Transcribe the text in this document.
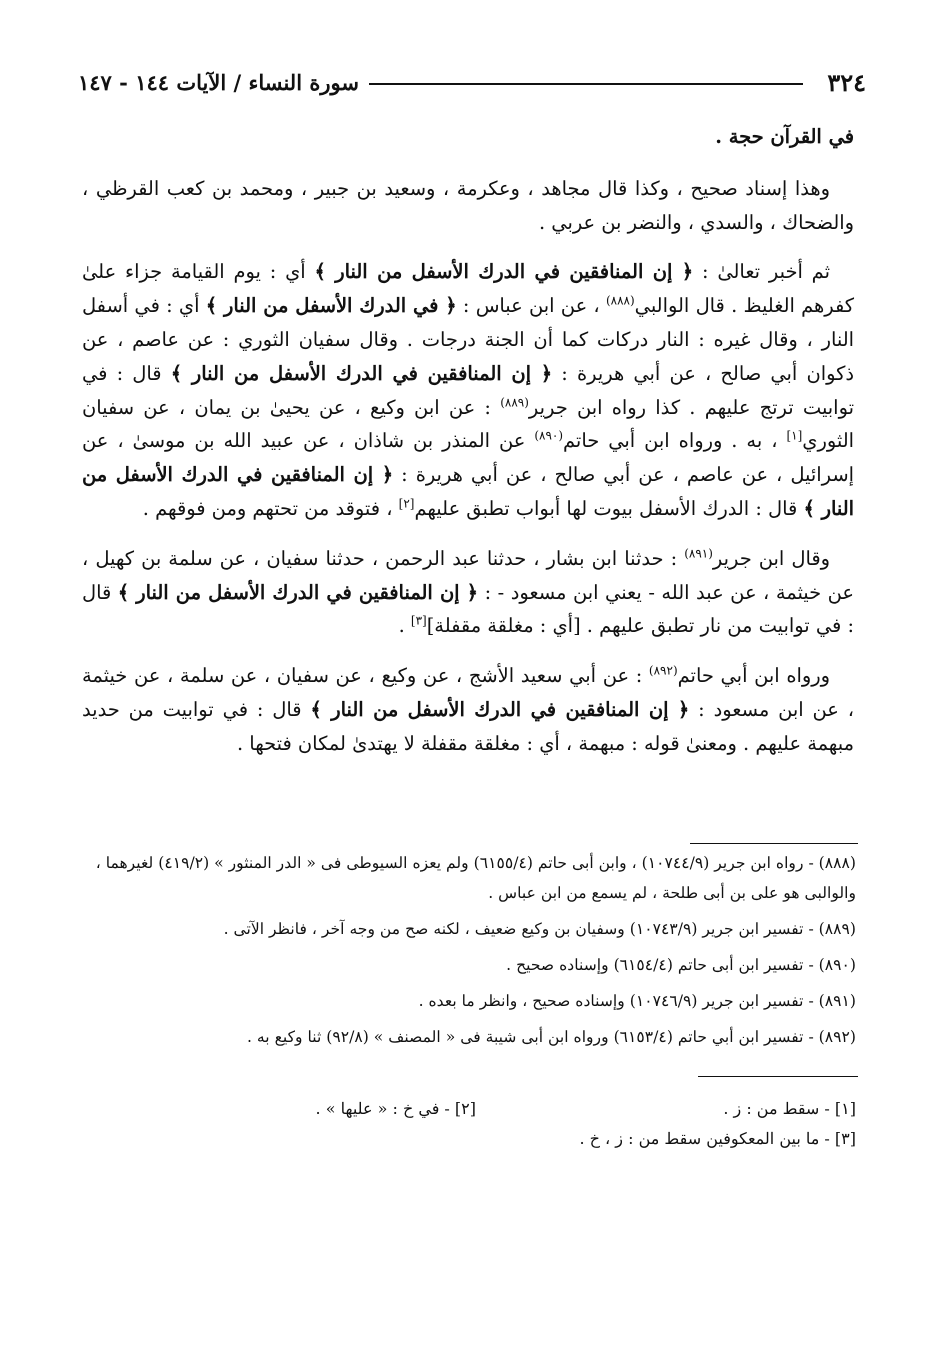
٣٢٤
سورة النساء / الآيات ١٤٤ - ١٤٧

في القرآن حجة .

وهذا إسناد صحيح ، وكذا قال مجاهد ، وعكرمة ، وسعيد بن جبير ، ومحمد بن كعب القرظي ، والضحاك ، والسدي ، والنضر بن عربي .

ثم أخبر تعالىٰ : ﴿ إن المنافقين في الدرك الأسفل من النار ﴾ أي : يوم القيامة جزاء علىٰ كفرهم الغليظ . قال الوالبي$^{(٨٨٨)}$ ، عن ابن عباس : ﴿ في الدرك الأسفل من النار ﴾ أي : في أسفل النار ، وقال غيره : النار دركات كما أن الجنة درجات . وقال سفيان الثوري : عن عاصم ، عن ذكوان أبي صالح ، عن أبي هريرة : ﴿ إن المنافقين في الدرك الأسفل من النار ﴾ قال : في توابيت ترتج عليهم . كذا رواه ابن جرير$^{(٨٨٩)}$ : عن ابن وكيع ، عن يحيىٰ بن يمان ، عن سفيان الثوري[١] ، به . ورواه ابن أبي حاتم$^{(٨٩٠)}$ عن المنذر بن شاذان ، عن عبيد الله بن موسىٰ ، عن إسرائيل ، عن عاصم ، عن أبي صالح ، عن أبي هريرة : ﴿ إن المنافقين في الدرك الأسفل من النار ﴾ قال : الدرك الأسفل بيوت لها أبواب تطبق عليهم[٢] ، فتوقد من تحتهم ومن فوقهم .

وقال ابن جرير$^{(٨٩١)}$ : حدثنا ابن بشار ، حدثنا عبد الرحمن ، حدثنا سفيان ، عن سلمة بن كهيل ، عن خيثمة ، عن عبد الله - يعني ابن مسعود - : ﴿ إن المنافقين في الدرك الأسفل من النار ﴾ قال : في توابيت من نار تطبق عليهم . [أي : مغلقة مقفلة][٣] .

ورواه ابن أبي حاتم$^{(٨٩٢)}$ : عن أبي سعيد الأشج ، عن وكيع ، عن سفيان ، عن سلمة ، عن خيثمة ، عن ابن مسعود : ﴿ إن المنافقين في الدرك الأسفل من النار ﴾ قال : في توابيت من حديد مبهمة عليهم . ومعنىٰ قوله : مبهمة ، أي : مغلقة مقفلة لا يهتدىٰ لمكان فتحها .

(٨٨٨) - رواه ابن جرير (١٠٧٤٤/٩) ، وابن أبى حاتم (٦١٥٥/٤) ولم يعزه السيوطى فى « الدر المنثور » (٤١٩/٢) لغيرهما ، والوالبى هو على بن أبى طلحة ، لم يسمع من ابن عباس .
(٨٨٩) - تفسير ابن جرير (١٠٧٤٣/٩) وسفيان بن وكيع ضعيف ، لكنه صح من وجه آخر ، فانظر الآتى .
(٨٩٠) - تفسير ابن أبى حاتم (٦١٥٤/٤) وإسناده صحيح .
(٨٩١) - تفسير ابن جرير (١٠٧٤٦/٩) وإسناده صحيح ، وانظر ما بعده .
(٨٩٢) - تفسير ابن أبي حاتم (٦١٥٣/٤) ورواه ابن أبى شيبة فى « المصنف » (٩٢/٨) ثنا وكيع به .
[١] - سقط من : ز .
[٢] - في خ : « عليها » .
[٣] - ما بين المعكوفين سقط من : ز ، خ .
